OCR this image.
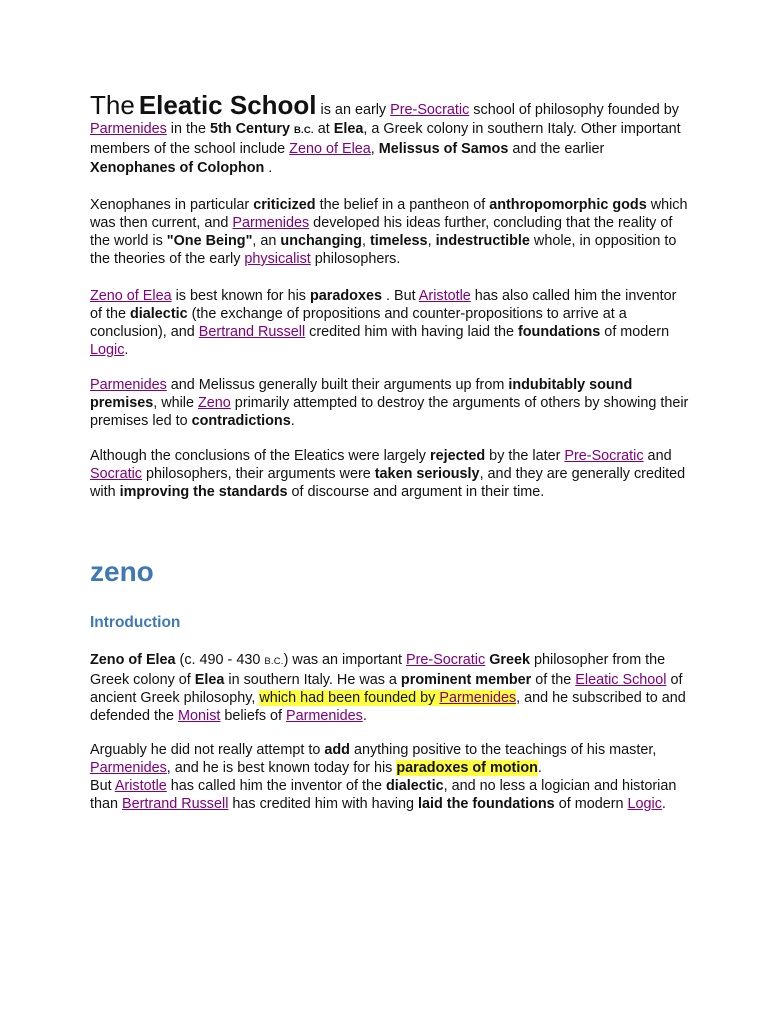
The Eleatic School is an early Pre-Socratic school of philosophy founded by Parmenides in the 5th Century B.C. at Elea, a Greek colony in southern Italy. Other important members of the school include Zeno of Elea, Melissus of Samos and the earlier Xenophanes of Colophon .

Xenophanes in particular criticized the belief in a pantheon of anthropomorphic gods which was then current, and Parmenides developed his ideas further, concluding that the reality of the world is "One Being", an unchanging, timeless, indestructible whole, in opposition to the theories of the early physicalist philosophers.

Zeno of Elea is best known for his paradoxes . But Aristotle has also called him the inventor of the dialectic (the exchange of propositions and counter-propositions to arrive at a conclusion), and Bertrand Russell credited him with having laid the foundations of modern Logic.

Parmenides and Melissus generally built their arguments up from indubitably sound premises, while Zeno primarily attempted to destroy the arguments of others by showing their premises led to contradictions.

Although the conclusions of the Eleatics were largely rejected by the later Pre-Socratic and Socratic philosophers, their arguments were taken seriously, and they are generally credited with improving the standards of discourse and argument in their time.

zeno
Introduction

Zeno of Elea (c. 490 - 430 B.C.) was an important Pre-Socratic Greek philosopher from the Greek colony of Elea in southern Italy. He was a prominent member of the Eleatic School of ancient Greek philosophy, which had been founded by Parmenides, and he subscribed to and defended the Monist beliefs of Parmenides.

Arguably he did not really attempt to add anything positive to the teachings of his master, Parmenides, and he is best known today for his paradoxes of motion.
But Aristotle has called him the inventor of the dialectic, and no less a logician and historian than Bertrand Russell has credited him with having laid the foundations of modern Logic.
